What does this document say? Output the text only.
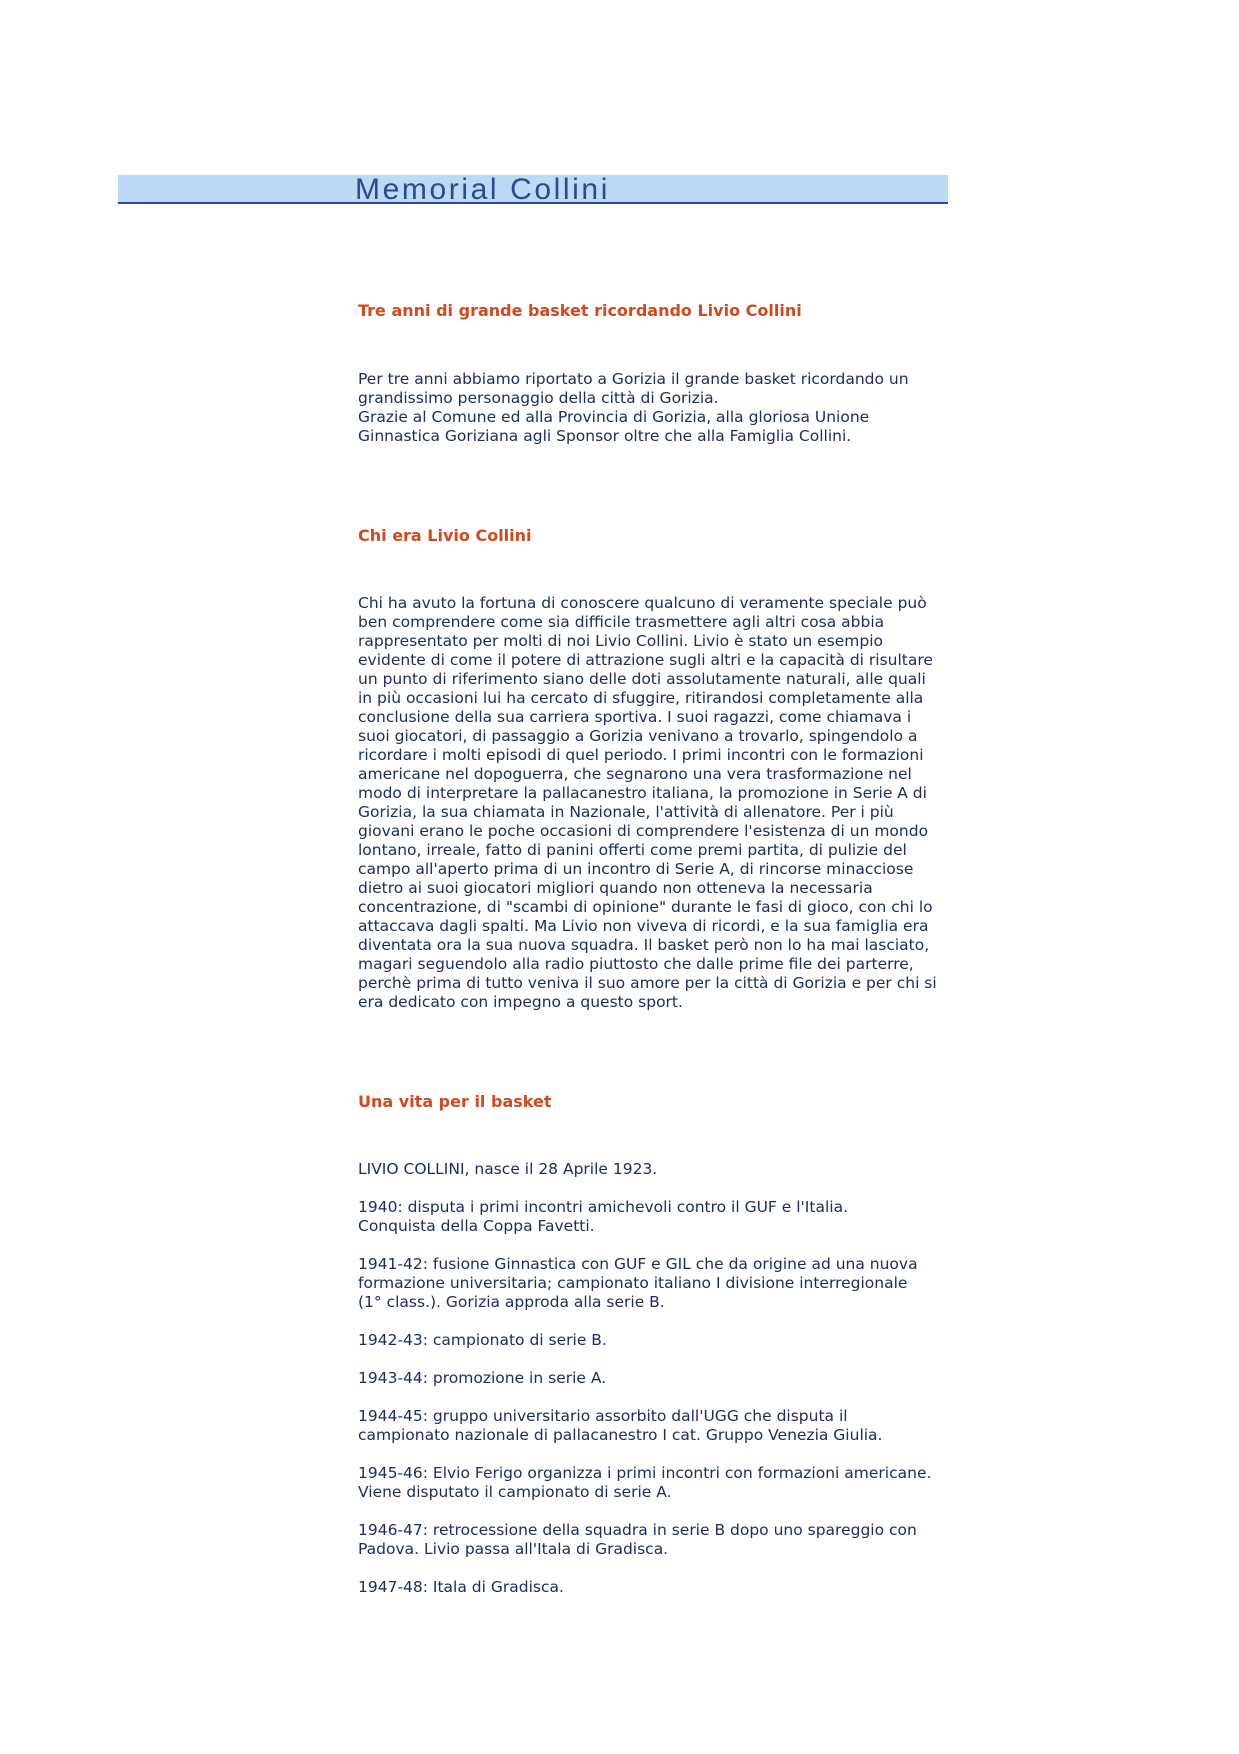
Memorial Collini
Tre anni di grande basket ricordando Livio Collini

Per tre anni abbiamo riportato a Gorizia il grande basket ricordando un
grandissimo personaggio della città di Gorizia.
Grazie al Comune ed alla Provincia di Gorizia, alla gloriosa Unione
Ginnastica Goriziana agli Sponsor oltre che alla Famiglia Collini.

Chi era Livio Collini

Chi ha avuto la fortuna di conoscere qualcuno di veramente speciale può
ben comprendere come sia difficile trasmettere agli altri cosa abbia
rappresentato per molti di noi Livio Collini. Livio è stato un esempio
evidente di come il potere di attrazione sugli altri e la capacità di risultare
un punto di riferimento siano delle doti assolutamente naturali, alle quali
in più occasioni lui ha cercato di sfuggire, ritirandosi completamente alla
conclusione della sua carriera sportiva. I suoi ragazzi, come chiamava i
suoi giocatori, di passaggio a Gorizia venivano a trovarlo, spingendolo a
ricordare i molti episodi di quel periodo. I primi incontri con le formazioni
americane nel dopoguerra, che segnarono una vera trasformazione nel
modo di interpretare la pallacanestro italiana, la promozione in Serie A di
Gorizia, la sua chiamata in Nazionale, l'attività di allenatore. Per i più
giovani erano le poche occasioni di comprendere l'esistenza di un mondo
lontano, irreale, fatto di panini offerti come premi partita, di pulizie del
campo all'aperto prima di un incontro di Serie A, di rincorse minacciose
dietro ai suoi giocatori migliori quando non otteneva la necessaria
concentrazione, di "scambi di opinione" durante le fasi di gioco, con chi lo
attaccava dagli spalti. Ma Livio non viveva di ricordi, e la sua famiglia era
diventata ora la sua nuova squadra. Il basket però non lo ha mai lasciato,
magari seguendolo alla radio piuttosto che dalle prime file dei parterre,
perchè prima di tutto veniva il suo amore per la città di Gorizia e per chi si
era dedicato con impegno a questo sport.

Una vita per il basket

LIVIO COLLINI, nasce il 28 Aprile 1923.

1940: disputa i primi incontri amichevoli contro il GUF e l'Italia.
Conquista della Coppa Favetti.

1941-42: fusione Ginnastica con GUF e GIL che da origine ad una nuova
formazione universitaria; campionato italiano I divisione interregionale
(1° class.). Gorizia approda alla serie B.

1942-43: campionato di serie B.

1943-44: promozione in serie A.

1944-45: gruppo universitario assorbito dall'UGG che disputa il
campionato nazionale di pallacanestro I cat. Gruppo Venezia Giulia.

1945-46: Elvio Ferigo organizza i primi incontri con formazioni americane.
Viene disputato il campionato di serie A.

1946-47: retrocessione della squadra in serie B dopo uno spareggio con
Padova. Livio passa all'Itala di Gradisca.

1947-48: Itala di Gradisca.
